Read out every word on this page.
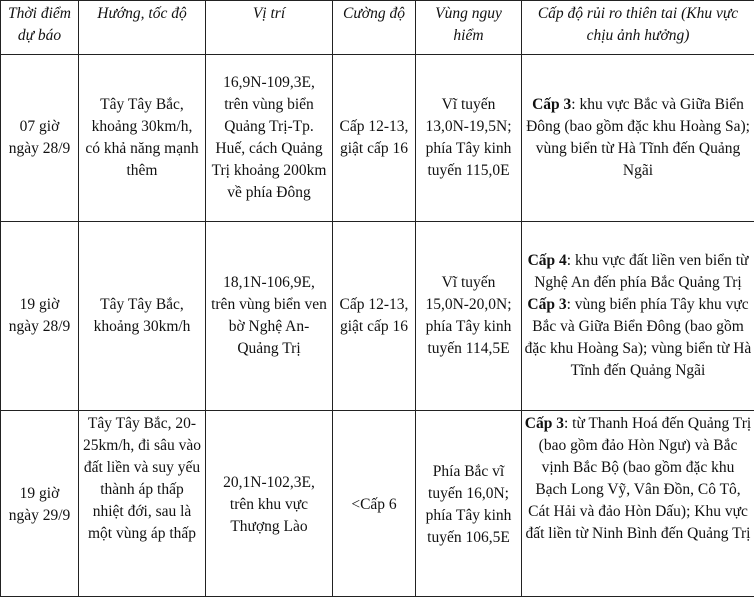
Thời điểm dự báo	Hướng, tốc độ	Vị trí	Cường độ	Vùng nguy hiểm	Cấp độ rủi ro thiên tai (Khu vực chịu ảnh hưởng)
07 giờ ngày 28/9	Tây Tây Bắc, khoảng 30km/h, có khả năng mạnh thêm	16,9N-109,3E, trên vùng biển Quảng Trị-Tp. Huế, cách Quảng Trị khoảng 200km về phía Đông	Cấp 12-13, giật cấp 16	Vĩ tuyến 13,0N-19,5N; phía Tây kinh tuyến 115,0E	Cấp 3: khu vực Bắc và Giữa Biển Đông (bao gồm đặc khu Hoàng Sa); vùng biển từ Hà Tĩnh đến Quảng Ngãi

19 giờ ngày 28/9	Tây Tây Bắc, khoảng 30km/h	18,1N-106,9E, trên vùng biển ven bờ Nghệ An-Quảng Trị	Cấp 12-13, giật cấp 16	Vĩ tuyến 15,0N-20,0N; phía Tây kinh tuyến 114,5E	Cấp 4: khu vực đất liền ven biển từ Nghệ An đến phía Bắc Quảng Trị
Cấp 3: vùng biển phía Tây khu vực Bắc và Giữa Biển Đông (bao gồm đặc khu Hoàng Sa); vùng biển từ Hà Tĩnh đến Quảng Ngãi

19 giờ ngày 29/9	Tây Tây Bắc, 20-25km/h, đi sâu vào đất liền và suy yếu thành áp thấp nhiệt đới, sau là một vùng áp thấp	20,1N-102,3E, trên khu vực Thượng Lào	<Cấp 6	Phía Bắc vĩ tuyến 16,0N; phía Tây kinh tuyến 106,5E	Cấp 3: từ Thanh Hoá đến Quảng Trị (bao gồm đảo Hòn Ngư) và Bắc vịnh Bắc Bộ (bao gồm đặc khu Bạch Long Vỹ, Vân Đồn, Cô Tô, Cát Hải và đảo Hòn Dấu); Khu vực đất liền từ Ninh Bình đến Quảng Trị
